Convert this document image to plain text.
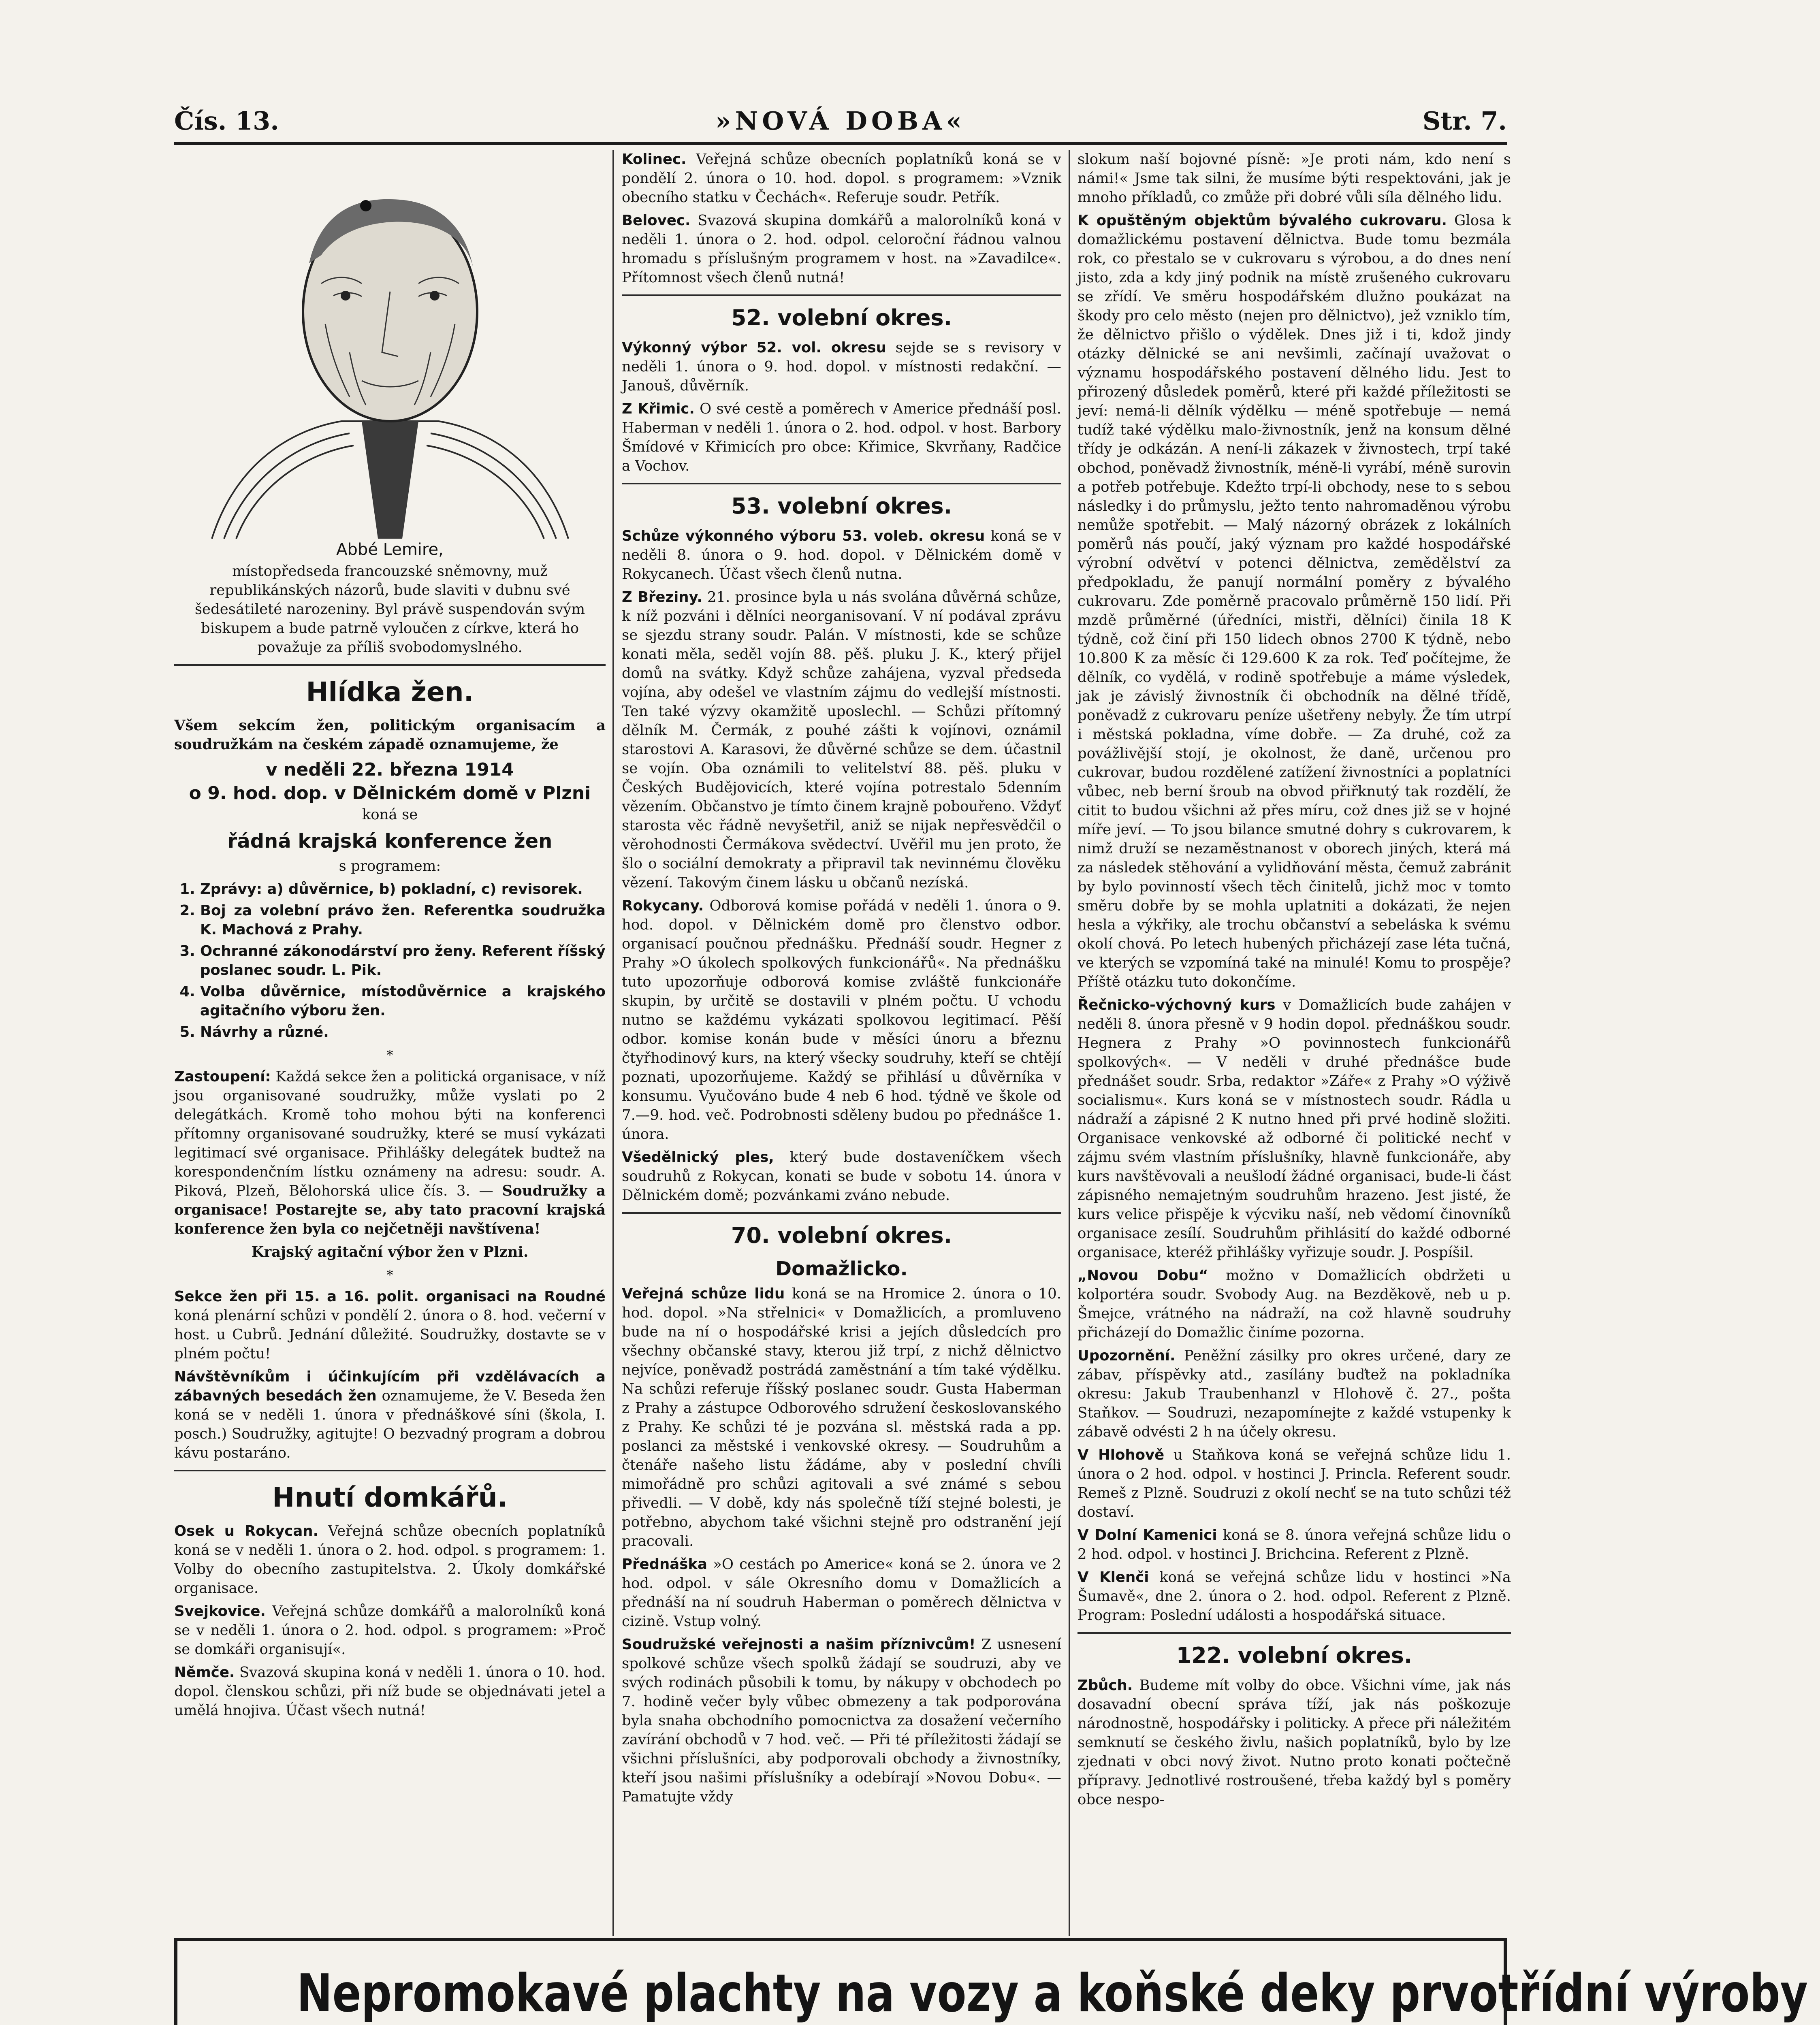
Čís. 13.	»NOVÁ DOBA«	Str. 7.

Abbé Lemire,

místopředseda francouzské sněmovny, muž republikánských názorů, bude slaviti v dubnu své šedesátileté narozeniny. Byl právě suspendován svým biskupem a bude patrně vyloučen z církve, která ho považuje za příliš svobodomyslného.

Hlídka žen.

Všem sekcím žen, politickým organisacím a soudružkám na českém západě oznamujeme, že

v neděli 22. března 1914

o 9. hod. dop. v Dělnickém domě v Plzni

koná se

řádná krajská konference žen

s programem:

1. Zprávy: a) důvěrnice, b) pokladní, c) revisorek.
2. Boj za volební právo žen. Referentka soudružka K. Machová z Prahy.
3. Ochranné zákonodárství pro ženy. Referent říšský poslanec soudr. L. Pik.
4. Volba důvěrnice, místodůvěrnice a krajského agitačního výboru žen.
5. Návrhy a různé.
*

Zastoupení: Každá sekce žen a politická organisace, v níž jsou organisované soudružky, může vyslati po 2 delegátkách. Kromě toho mohou býti na konferenci přítomny organisované soudružky, které se musí vykázati legitimací své organisace. Přihlášky delegátek budtež na korespondenčním lístku oznámeny na adresu: soudr. A. Piková, Plzeň, Bělohorská ulice čís. 3. — Soudružky a organisace! Postarejte se, aby tato pracovní krajská konference žen byla co nejčetněji navštívena!

Krajský agitační výbor žen v Plzni.

*

Sekce žen při 15. a 16. polit. organisaci na Roudné koná plenární schůzi v pondělí 2. února o 8. hod. večerní v host. u Cubrů. Jednání důležité. Soudružky, dostavte se v plném počtu!

Návštěvníkům i účinkujícím při vzdělávacích a zábavných besedách žen oznamujeme, že V. Beseda žen koná se v neděli 1. února v přednáškové síni (škola, I. posch.) Soudružky, agitujte! O bezvadný program a dobrou kávu postaráno.

Hnutí domkářů.

Osek u Rokycan. Veřejná schůze obecních poplatníků koná se v neděli 1. února o 2. hod. odpol. s programem: 1. Volby do obecního zastupitelstva. 2. Úkoly domkářské organisace.

Svejkovice. Veřejná schůze domkářů a malorolníků koná se v neděli 1. února o 2. hod. odpol. s programem: »Proč se domkáři organisují«.

Němče. Svazová skupina koná v neděli 1. února o 10. hod. dopol. členskou schůzi, při níž bude se objednávati jetel a umělá hnojiva. Účast všech nutná!

Kolinec. Veřejná schůze obecních poplatníků koná se v pondělí 2. února o 10. hod. dopol. s programem: »Vznik obecního statku v Čechách«. Referuje soudr. Petřík.

Belovec. Svazová skupina domkářů a malorolníků koná v neděli 1. února o 2. hod. odpol. celoroční řádnou valnou hromadu s příslušným programem v host. na »Zavadilce«. Přítomnost všech členů nutná!

52. volební okres.

Výkonný výbor 52. vol. okresu sejde se s revisory v neděli 1. února o 9. hod. dopol. v místnosti redakční. — Janouš, důvěrník.

Z Křimic. O své cestě a poměrech v Americe přednáší posl. Haberman v neděli 1. února o 2. hod. odpol. v host. Barbory Šmídové v Křimicích pro obce: Křimice, Skvrňany, Radčice a Vochov.

53. volební okres.

Schůze výkonného výboru 53. voleb. okresu koná se v neděli 8. února o 9. hod. dopol. v Dělnickém domě v Rokycanech. Účast všech členů nutna.

Z Březiny. 21. prosince byla u nás svolána důvěrná schůze, k níž pozváni i dělníci neorganisovaní. V ní podával zprávu se sjezdu strany soudr. Palán. V místnosti, kde se schůze konati měla, seděl vojín 88. pěš. pluku J. K., který přijel domů na svátky. Když schůze zahájena, vyzval předseda vojína, aby odešel ve vlastním zájmu do vedlejší místnosti. Ten také výzvy okamžitě uposlechl. — Schůzi přítomný dělník M. Čermák, z pouhé zášti k vojínovi, oznámil starostovi A. Karasovi, že důvěrné schůze se dem. účastnil se vojín. Oba oznámili to velitelství 88. pěš. pluku v Českých Budějovicích, které vojína potrestalo 5denním vězením. Občanstvo je tímto činem krajně pobouřeno. Vždyť starosta věc řádně nevyšetřil, aniž se nijak nepřesvědčil o věrohodnosti Čermákova svědectví. Uvěřil mu jen proto, že šlo o sociální demokraty a připravil tak nevinnému člověku vězení. Takovým činem lásku u občanů nezíská.

Rokycany. Odborová komise pořádá v neděli 1. února o 9. hod. dopol. v Dělnickém domě pro členstvo odbor. organisací poučnou přednášku. Přednáší soudr. Hegner z Prahy »O úkolech spolkových funkcionářů«. Na přednášku tuto upozorňuje odborová komise zvláště funkcionáře skupin, by určitě se dostavili v plném počtu. U vchodu nutno se každému vykázati spolkovou legitimací. Pěší odbor. komise konán bude v měsíci únoru a březnu čtyřhodinový kurs, na který všecky soudruhy, kteří se chtějí poznati, upozorňujeme. Každý se přihlásí u důvěrníka v konsumu. Vyučováno bude 4 neb 6 hod. týdně ve škole od 7.—9. hod. več. Podrobnosti sděleny budou po přednášce 1. února.

Všedělnický ples, který bude dostaveníčkem všech soudruhů z Rokycan, konati se bude v sobotu 14. února v Dělnickém domě; pozvánkami zváno nebude.

70. volební okres.
Domažlicko.

Veřejná schůze lidu koná se na Hromice 2. února o 10. hod. dopol. »Na střelnici« v Domažlicích, a promluveno bude na ní o hospodářské krisi a jejích důsledcích pro všechny občanské stavy, kterou již trpí, z nichž dělnictvo nejvíce, poněvadž postrádá zaměstnání a tím také výdělku. Na schůzi referuje říšský poslanec soudr. Gusta Haberman z Prahy a zástupce Odborového sdružení českoslovanského z Prahy. Ke schůzi té je pozvána sl. městská rada a pp. poslanci za městské i venkovské okresy. — Soudruhům a čtenáře našeho listu žádáme, aby v poslední chvíli mimořádně pro schůzi agitovali a své známé s sebou přivedli. — V době, kdy nás společně tíží stejné bolesti, je potřebno, abychom také všichni stejně pro odstranění její pracovali.

Přednáška »O cestách po Americe« koná se 2. února ve 2 hod. odpol. v sále Okresního domu v Domažlicích a přednáší na ní soudruh Haberman o poměrech dělnictva v cizině. Vstup volný.

Soudružské veřejnosti a našim příznivcům! Z usnesení spolkové schůze všech spolků žádají se soudruzi, aby ve svých rodinách působili k tomu, by nákupy v obchodech po 7. hodině večer byly vůbec obmezeny a tak podporována byla snaha obchodního pomocnictva za dosažení večerního zavírání obchodů v 7 hod. več. — Při té příležitosti žádají se všichni příslušníci, aby podporovali obchody a živnostníky, kteří jsou našimi příslušníky a odebírají »Novou Dobu«. — Pamatujte vždy

slokum naší bojovné písně: »Je proti nám, kdo není s námi!« Jsme tak silni, že musíme býti respektováni, jak je mnoho příkladů, co zmůže při dobré vůli síla dělného lidu.

K opuštěným objektům bývalého cukrovaru. Glosa k domažlickému postavení dělnictva. Bude tomu bezmála rok, co přestalo se v cukrovaru s výrobou, a do dnes není jisto, zda a kdy jiný podnik na místě zrušeného cukrovaru se zřídí. Ve směru hospodářském dlužno poukázat na škody pro celo město (nejen pro dělnictvo), jež vzniklo tím, že dělnictvo přišlo o výdělek. Dnes již i ti, kdož jindy otázky dělnické se ani nevšimli, začínají uvažovat o významu hospodářského postavení dělného lidu. Jest to přirozený důsledek poměrů, které při každé příležitosti se jeví: nemá-li dělník výdělku — méně spotřebuje — nemá tudíž také výdělku malo-živnostník, jenž na konsum dělné třídy je odkázán. A není-li zákazek v živnostech, trpí také obchod, poněvadž živnostník, méně-li vyrábí, méně surovin a potřeb potřebuje. Kdežto trpí-li obchody, nese to s sebou následky i do průmyslu, ježto tento nahromaděnou výrobu nemůže spotřebit. — Malý názorný obrázek z lokálních poměrů nás poučí, jaký význam pro každé hospodářské výrobní odvětví v potenci dělnictva, zemědělství za předpokladu, že panují normální poměry z bývalého cukrovaru. Zde poměrně pracovalo průměrně 150 lidí. Při mzdě průměrné (úředníci, mistři, dělníci) činila 18 K týdně, což činí při 150 lidech obnos 2700 K týdně, nebo 10.800 K za měsíc či 129.600 K za rok. Teď počítejme, že dělník, co vydělá, v rodině spotřebuje a máme výsledek, jak je závislý živnostník či obchodník na dělné třídě, poněvadž z cukrovaru peníze ušetřeny nebyly. Že tím utrpí i městská pokladna, víme dobře. — Za druhé, což za povážlivější stojí, je okolnost, že daně, určenou pro cukrovar, budou rozdělené zatížení živnostníci a poplatníci vůbec, neb berní šroub na obvod přiřknutý tak rozdělí, že citit to budou všichni až přes míru, což dnes již se v hojné míře jeví. — To jsou bilance smutné dohry s cukrovarem, k nimž druží se nezaměstnanost v oborech jiných, která má za následek stěhování a vylidňování města, čemuž zabránit by bylo povinností všech těch činitelů, jichž moc v tomto směru dobře by se mohla uplatniti a dokázati, že nejen hesla a výkřiky, ale trochu občanství a sebeláska k svému okolí chová. Po letech hubených přicházejí zase léta tučná, ve kterých se vzpomíná také na minulé! Komu to prospěje? Příště otázku tuto dokončíme.

Řečnicko-výchovný kurs v Domažlicích bude zahájen v neděli 8. února přesně v 9 hodin dopol. přednáškou soudr. Hegnera z Prahy »O povinnostech funkcionářů spolkových«. — V neděli v druhé přednášce bude přednášet soudr. Srba, redaktor »Záře« z Prahy »O výživě socialismu«. Kurs koná se v místnostech soudr. Rádla u nádraží a zápisné 2 K nutno hned při prvé hodině složiti. Organisace venkovské až odborné či politické nechť v zájmu svém vlastním příslušníky, hlavně funkcionáře, aby kurs navštěvovali a neušlodí žádné organisaci, bude-li část zápisného nemajetným soudruhům hrazeno. Jest jisté, že kurs velice přispěje k výcviku naší, neb vědomí činovníků organisace zesílí. Soudruhům přihlásití do každé odborné organisace, kteréž přihlášky vyřizuje soudr. J. Pospíšil.

„Novou Dobu“ možno v Domažlicích obdržeti u kolportéra soudr. Svobody Aug. na Bezděkově, neb u p. Šmejce, vrátného na nádraží, na což hlavně soudruhy přicházejí do Domažlic činíme pozorna.

Upozornění. Peněžní zásilky pro okres určené, dary ze zábav, příspěvky atd., zasílány buďtež na pokladníka okresu: Jakub Traubenhanzl v Hlohově č. 27., pošta Staňkov. — Soudruzi, nezapomínejte z každé vstupenky k zábavě odvésti 2 h na účely okresu.

V Hlohově u Staňkova koná se veřejná schůze lidu 1. února o 2 hod. odpol. v hostinci J. Princla. Referent soudr. Remeš z Plzně. Soudruzi z okolí nechť se na tuto schůzi též dostaví.

V Dolní Kamenici koná se 8. února veřejná schůze lidu o 2 hod. odpol. v hostinci J. Brichcina. Referent z Plzně.

V Klenči koná se veřejná schůze lidu v hostinci »Na Šumavě«, dne 2. února o 2. hod. odpol. Referent z Plzně. Program: Poslední události a hospodářská situace.

122. volební okres.

Zbůch. Budeme mít volby do obce. Všichni víme, jak nás dosavadní obecní správa tíží, jak nás poškozuje národnostně, hospodářsky i politicky. A přece při náležitém semknutí se českého živlu, našich poplatníků, bylo by lze zjednati v obci nový život. Nutno proto konati počtečně přípravy. Jednotlivé rostroušené, třeba každý byl s poměry obce nespo-

Nepromokavé plachty na vozy a koňské deky prvotřídní výroby
